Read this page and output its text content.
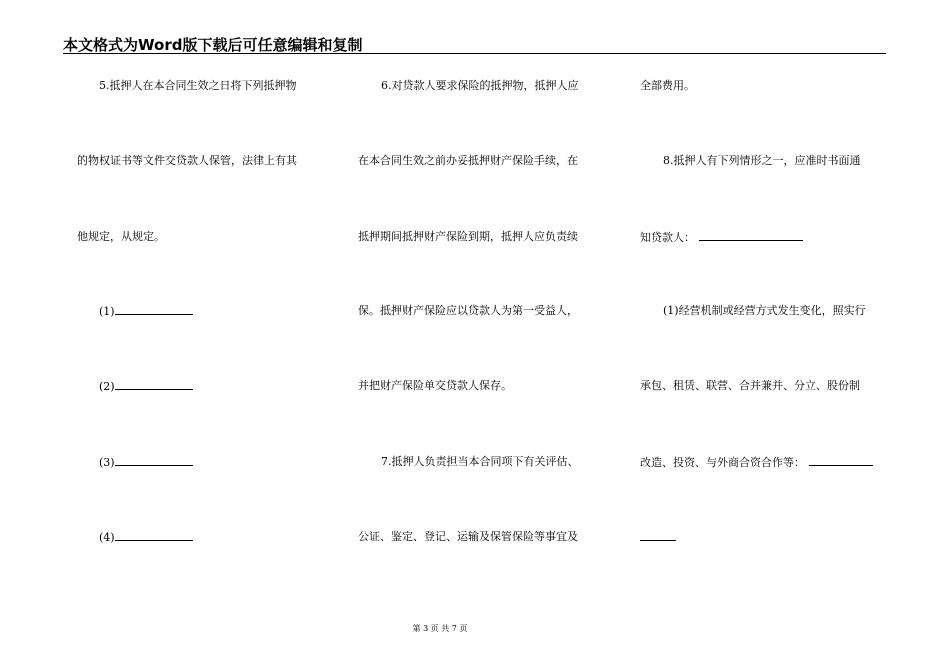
本文格式为Word版下载后可任意编辑和复制
5.抵押人在本合同生效之日将下列抵押物
的物权证书等文件交贷款人保管，法律上有其
他规定，从规定。
(1)
(2)
(3)
(4)
6.对贷款人要求保险的抵押物，抵押人应
在本合同生效之前办妥抵押财产保险手续，在
抵押期间抵押财产保险到期，抵押人应负责续
保。抵押财产保险应以贷款人为第一受益人，
并把财产保险单交贷款人保存。
7.抵押人负责担当本合同项下有关评估、
公证、鉴定、登记、运输及保管保险等事宜及
全部费用。
8.抵押人有下列情形之一，应准时书面通
知贷款人：
(1)经营机制或经营方式发生变化，照实行
承包、租赁、联营、合并兼并、分立、股份制
改造、投资、与外商合资合作等：
第 3 页 共 7 页
